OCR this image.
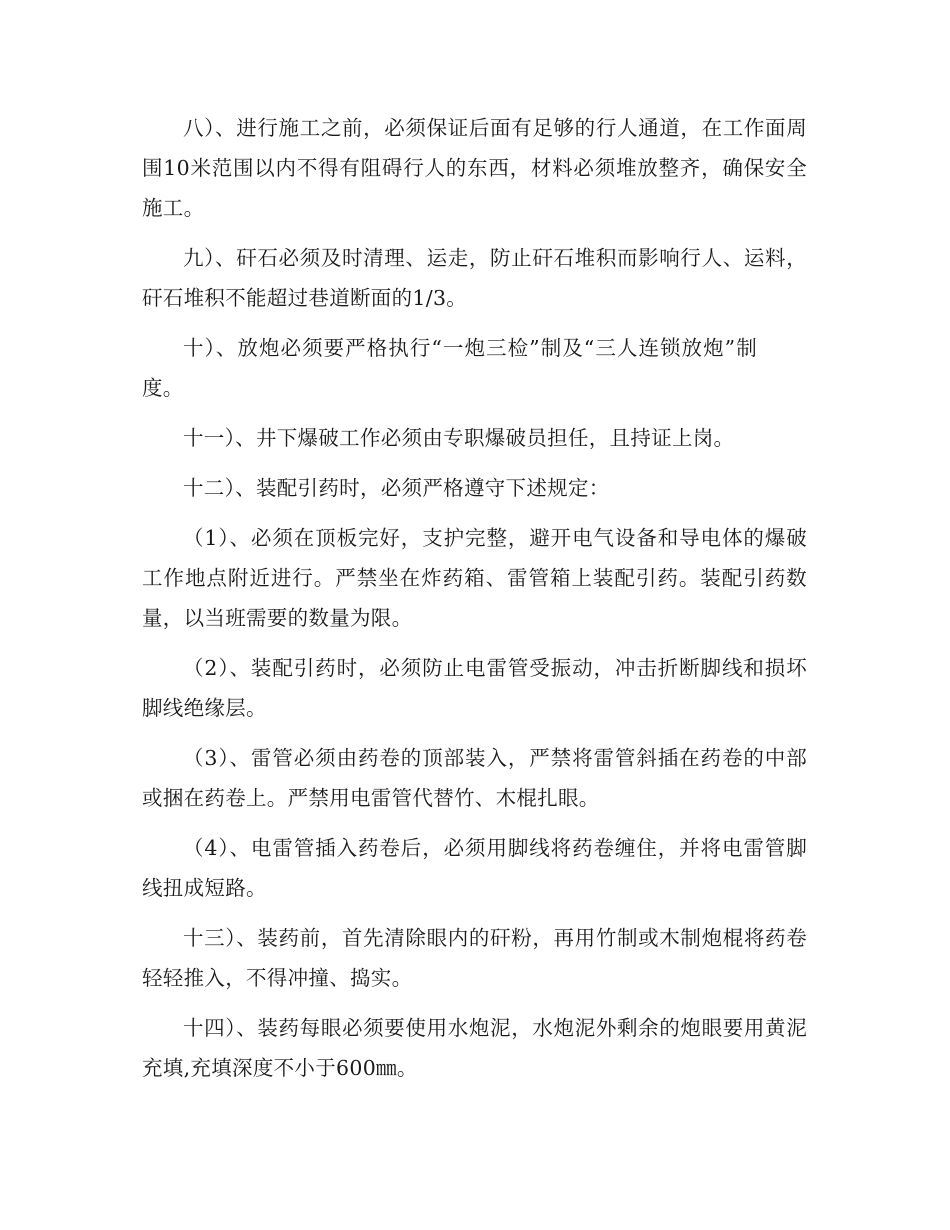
八）、进行施工之前，必须保证后面有足够的行人通道，在工作面周围10米范围以内不得有阻碍行人的东西，材料必须堆放整齐，确保安全施工。

九）、矸石必须及时清理、运走，防止矸石堆积而影响行人、运料，矸石堆积不能超过巷道断面的1/3。

十）、放炮必须要严格执行“一炮三检”制及“三人连锁放炮”制度。

十一）、井下爆破工作必须由专职爆破员担任，且持证上岗。

十二）、装配引药时，必须严格遵守下述规定：

（1）、必须在顶板完好，支护完整，避开电气设备和导电体的爆破工作地点附近进行。严禁坐在炸药箱、雷管箱上装配引药。装配引药数量，以当班需要的数量为限。

（2）、装配引药时，必须防止电雷管受振动，冲击折断脚线和损坏脚线绝缘层。

（3）、雷管必须由药卷的顶部装入，严禁将雷管斜插在药卷的中部或捆在药卷上。严禁用电雷管代替竹、木棍扎眼。

（4）、电雷管插入药卷后，必须用脚线将药卷缠住，并将电雷管脚线扭成短路。

十三）、装药前，首先清除眼内的矸粉，再用竹制或木制炮棍将药卷轻轻推入，不得冲撞、捣实。

十四）、装药每眼必须要使用水炮泥，水炮泥外剩余的炮眼要用黄泥充填,充填深度不小于600㎜。
